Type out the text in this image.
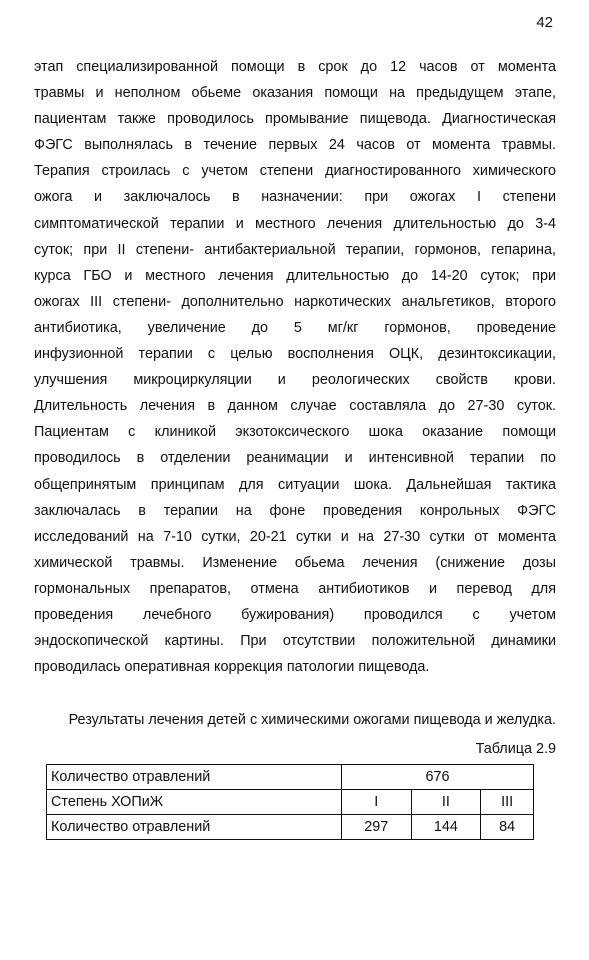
42
этап специализированной помощи в срок до 12 часов от момента
травмы и неполном обьеме оказания помощи на предыдущем этапе,
пациентам также проводилось промывание пищевода. Диагностическая
ФЭГС выполнялась в течение первых 24 часов от момента травмы.
Терапия строилась с учетом степени диагностированного химического
ожога и заключалось в назначении: при ожогах I степени
симптоматической терапии и местного лечения длительностью до 3-4
суток; при II степени- антибактериальной терапии, гормонов, гепарина,
курса ГБО и местного лечения длительностью до 14-20 суток; при
ожогах III степени- дополнительно наркотических анальгетиков, второго
антибиотика, увеличение до 5 мг/кг гормонов, проведение
инфузионной терапии с целью восполнения ОЦК, дезинтоксикации,
улучшения микроциркуляции и реологических свойств крови.
Длительность лечения в данном случае составляла до 27-30 суток.
Пациентам с клиникой экзотоксического шока оказание помощи
проводилось в отделении реанимации и интенсивной терапии по
общепринятым принципам для ситуации шока. Дальнейшая тактика
заключалась в терапии на фоне проведения конрольных ФЭГС
исследований на 7-10 сутки, 20-21 сутки и на 27-30 сутки от момента
химической травмы. Изменение обьема лечения (снижение дозы
гормональных препаратов, отмена антибиотиков и перевод для
проведения лечебного бужирования) проводился с учетом
эндоскопической картины. При отсутствии положительной динамики
проводилась оперативная коррекция патологии пищевода.
Результаты лечения детей с химическими ожогами пищевода и желудка.
Таблица 2.9
Количество отравлений	676		
Степень ХОПиЖ	I	II	III
Количество отравлений	297	144	84
